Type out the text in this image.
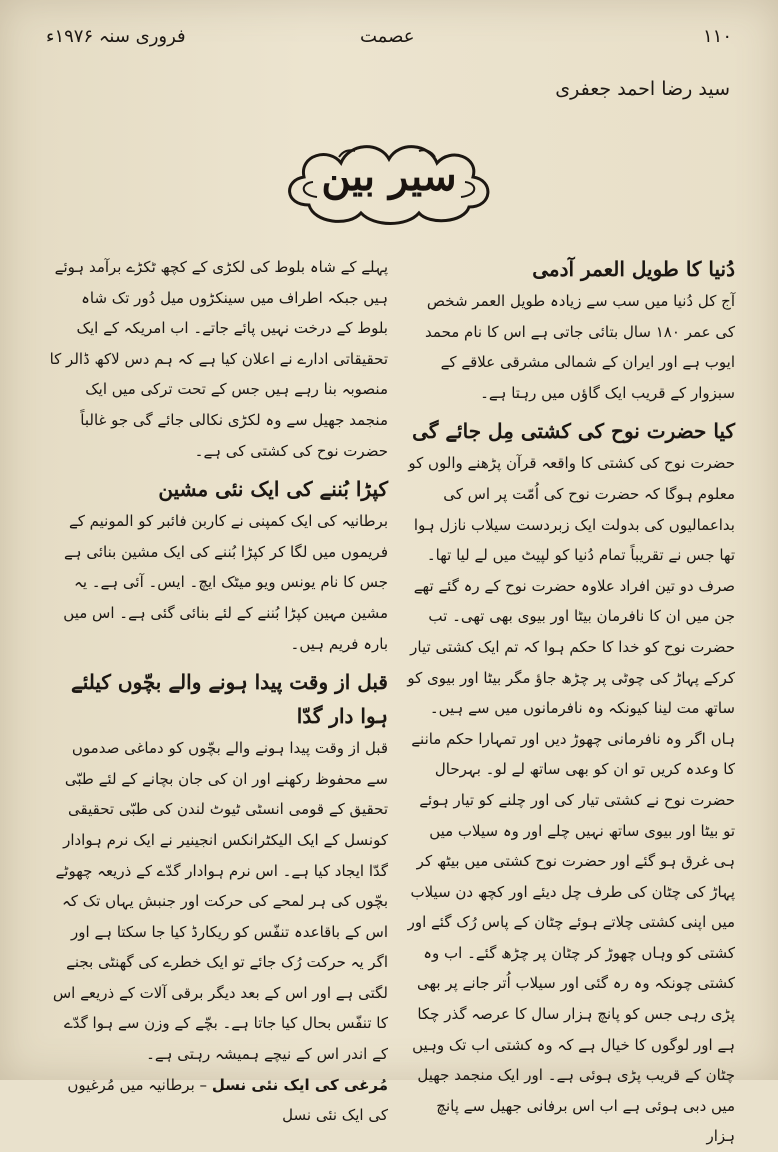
۱۱۰
عصمت
فروری سنہ ۱۹۷۶ء
سید رضا احمد جعفری
سیر بین
دُنیا کا طویل العمر آدمی

آج کل دُنیا میں سب سے زیادہ طویل العمر شخص کی عمر ۱۸۰ سال بتائی جاتی ہے اس کا نام محمد ایوب ہے اور ایران کے شمالی مشرقی علاقے کے سبزوار کے قریب ایک گاؤں میں رہتا ہے۔

کیا حضرت نوح کی کشتی مِل جائے گی

حضرت نوح کی کشتی کا واقعہ قرآن پڑھنے والوں کو معلوم ہوگا کہ حضرت نوح کی اُمّت پر اس کی بداعمالیوں کی بدولت ایک زبردست سیلاب نازل ہوا تھا جس نے تقریباً تمام دُنیا کو لپیٹ میں لے لیا تھا۔ صرف دو تین افراد علاوہ حضرت نوح کے رہ گئے تھے جن میں ان کا نافرمان بیٹا اور بیوی بھی تھی۔ تب حضرت نوح کو خدا کا حکم ہوا کہ تم ایک کشتی تیار کرکے پہاڑ کی چوٹی پر چڑھ جاؤ مگر بیٹا اور بیوی کو ساتھ مت لینا کیونکہ وہ نافرمانوں میں سے ہیں۔ ہاں اگر وہ نافرمانی چھوڑ دیں اور تمہارا حکم ماننے کا وعدہ کریں تو ان کو بھی ساتھ لے لو۔ بہرحال حضرت نوح نے کشتی تیار کی اور چلنے کو تیار ہوئے تو بیٹا اور بیوی ساتھ نہیں چلے اور وہ سیلاب میں ہی غرق ہو گئے اور حضرت نوح کشتی میں بیٹھ کر پہاڑ کی چٹان کی طرف چل دیئے اور کچھ دن سیلاب میں اپنی کشتی چلاتے ہوئے چٹان کے پاس رُک گئے اور کشتی کو وہاں چھوڑ کر چٹان پر چڑھ گئے۔ اب وہ کشتی چونکہ وہ رہ گئی اور سیلاب اُتر جانے پر بھی پڑی رہی جس کو پانچ ہزار سال کا عرصہ گذر چکا ہے اور لوگوں کا خیال ہے کہ وہ کشتی اب تک وہیں چٹان کے قریب پڑی ہوئی ہے۔ اور ایک منجمد جھیل میں دبی ہوئی ہے اب اس برفانی جھیل سے پانچ ہزار

پہلے کے شاہ بلوط کی لکڑی کے کچھ ٹکڑے برآمد ہوئے ہیں جبکہ اطراف میں سینکڑوں میل دُور تک شاہ بلوط کے درخت نہیں پائے جاتے۔ اب امریکہ کے ایک تحقیقاتی ادارے نے اعلان کیا ہے کہ ہم دس لاکھ ڈالر کا منصوبہ بنا رہے ہیں جس کے تحت ترکی میں ایک منجمد جھیل سے وہ لکڑی نکالی جائے گی جو غالباً حضرت نوح کی کشتی کی ہے۔

کپڑا بُننے کی ایک نئی مشین

برطانیہ کی ایک کمپنی نے کاربن فائبر کو المونیم کے فریموں میں لگا کر کپڑا بُننے کی ایک مشین بنائی ہے جس کا نام یونس ویو میٹک ایچ۔ ایس۔ آئی ہے۔ یہ مشین مہین کپڑا بُننے کے لئے بنائی گئی ہے۔ اس میں بارہ فریم ہیں۔

قبل از وقت پیدا ہونے والے بچّوں کیلئے ہوا دار گدّا

قبل از وقت پیدا ہونے والے بچّوں کو دماغی صدموں سے محفوظ رکھنے اور ان کی جان بچانے کے لئے طبّی تحقیق کے قومی انسٹی ٹیوٹ لندن کی طبّی تحقیقی کونسل کے ایک الیکٹرانکس انجینیر نے ایک نرم ہوادار گدّا ایجاد کیا ہے۔ اس نرم ہوادار گدّے کے ذریعہ چھوٹے بچّوں کی ہر لمحے کی حرکت اور جنبش یہاں تک کہ اس کے باقاعدہ تنفّس کو ریکارڈ کیا جا سکتا ہے اور اگر یہ حرکت رُک جائے تو ایک خطرے کی گھنٹی بجنے لگتی ہے اور اس کے بعد دیگر برقی آلات کے ذریعے اس کا تنفّس بحال کیا جاتا ہے۔ بچّے کے وزن سے ہوا گدّے کے اندر اس کے نیچے ہمیشہ رہتی ہے۔

مُرغی کی ایک نئی نسل – برطانیہ میں مُرغیوں کی ایک نئی نسل
